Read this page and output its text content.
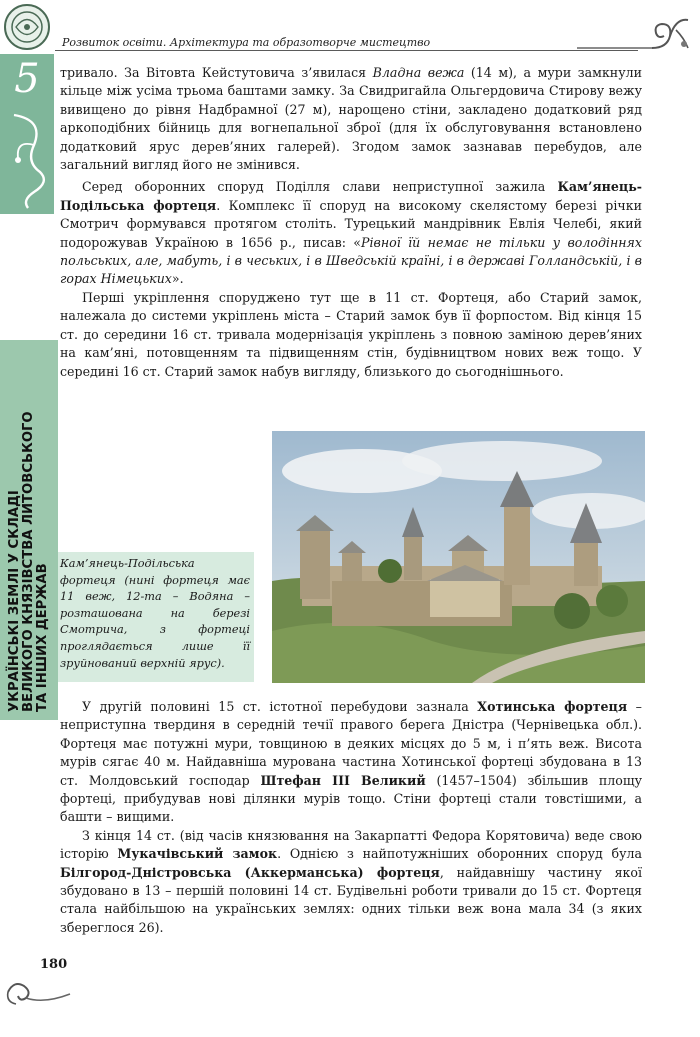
Розвиток освіти. Архітектура та образотворче мистецтво
5
УКРАЇНСЬКІ ЗЕМЛІ У СКЛАДІ ВЕЛИКОГО КНЯЗІВСТВА ЛИТОВСЬКОГО ТА ІНШИХ ДЕРЖАВ

тривало. За Вітовта Кейстутовича з’явилася Владна вежа (14 м), а мури замкнули кільце між усіма трьома баштами замку. За Свидригайла Ольгердовича Стирову вежу вивищено до рівня Надбрамної (27 м), нарощено стіни, закладено додатковий ряд аркоподібних бійниць для вогнепальної зброї (для їх обслуговування встановлено додатковий ярус дерев’яних галерей). Згодом замок зазнавав перебудов, але загальний вигляд його не змінився.

Серед оборонних споруд Поділля слави неприступної зажила Кам’янець-Подільська фортеця. Комплекс її споруд на високому скелястому березі річки Смотрич формувався протягом століть. Турецький мандрівник Евлія Челебі, який подорожував Україною в 1656 р., писав: «Рівної їй немає не тільки у володіннях польських, але, мабуть, і в чеських, і в Шведській країні, і в державі Голландській, і в горах Німецьких».

Перші укріплення споруджено тут ще в 11 ст. Фортеця, або Старий замок, належала до системи укріплень міста – Старий замок був її форпостом. Від кінця 15 ст. до середини 16 ст. тривала модернізація укріплень з повною заміною дерев’яних на кам’яні, потовщенням та підвищенням стін, будівництвом нових веж тощо. У середині 16 ст. Старий замок набув вигляду, близького до сьогоднішнього.

Кам’янець-Подільська фортеця (нині фортеця має 11 веж, 12-та – Водяна – розташована на березі Смотрича, з фортеці проглядається лише її зруйнований верхній ярус).

У другій половині 15 ст. істотної перебудови зазнала Хотинська фортеця – неприступна твердиня в середній течії правого берега Дністра (Чернівецька обл.). Фортеця має потужні мури, товщиною в деяких місцях до 5 м, і п’ять веж. Висота мурів сягає 40 м. Найдавніша мурована частина Хотинської фортеці збудована в 13 ст. Молдовський господар Штефан III Великий (1457–1504) збільшив площу фортеці, прибудував нові ділянки мурів тощо. Стіни фортеці стали товстішими, а башти – вищими.

З кінця 14 ст. (від часів князювання на Закарпатті Федора Корятовича) веде свою історію Мукачівський замок. Однією з найпотужніших оборонних споруд була Білгород-Дністровська (Аккерманська) фортеця, найдавнішу частину якої збудовано в 13 – першій половині 14 ст. Будівельні роботи тривали до 15 ст. Фортеця стала найбільшою на українських землях: одних тільки веж вона мала 34 (з яких збереглося 26).

180
